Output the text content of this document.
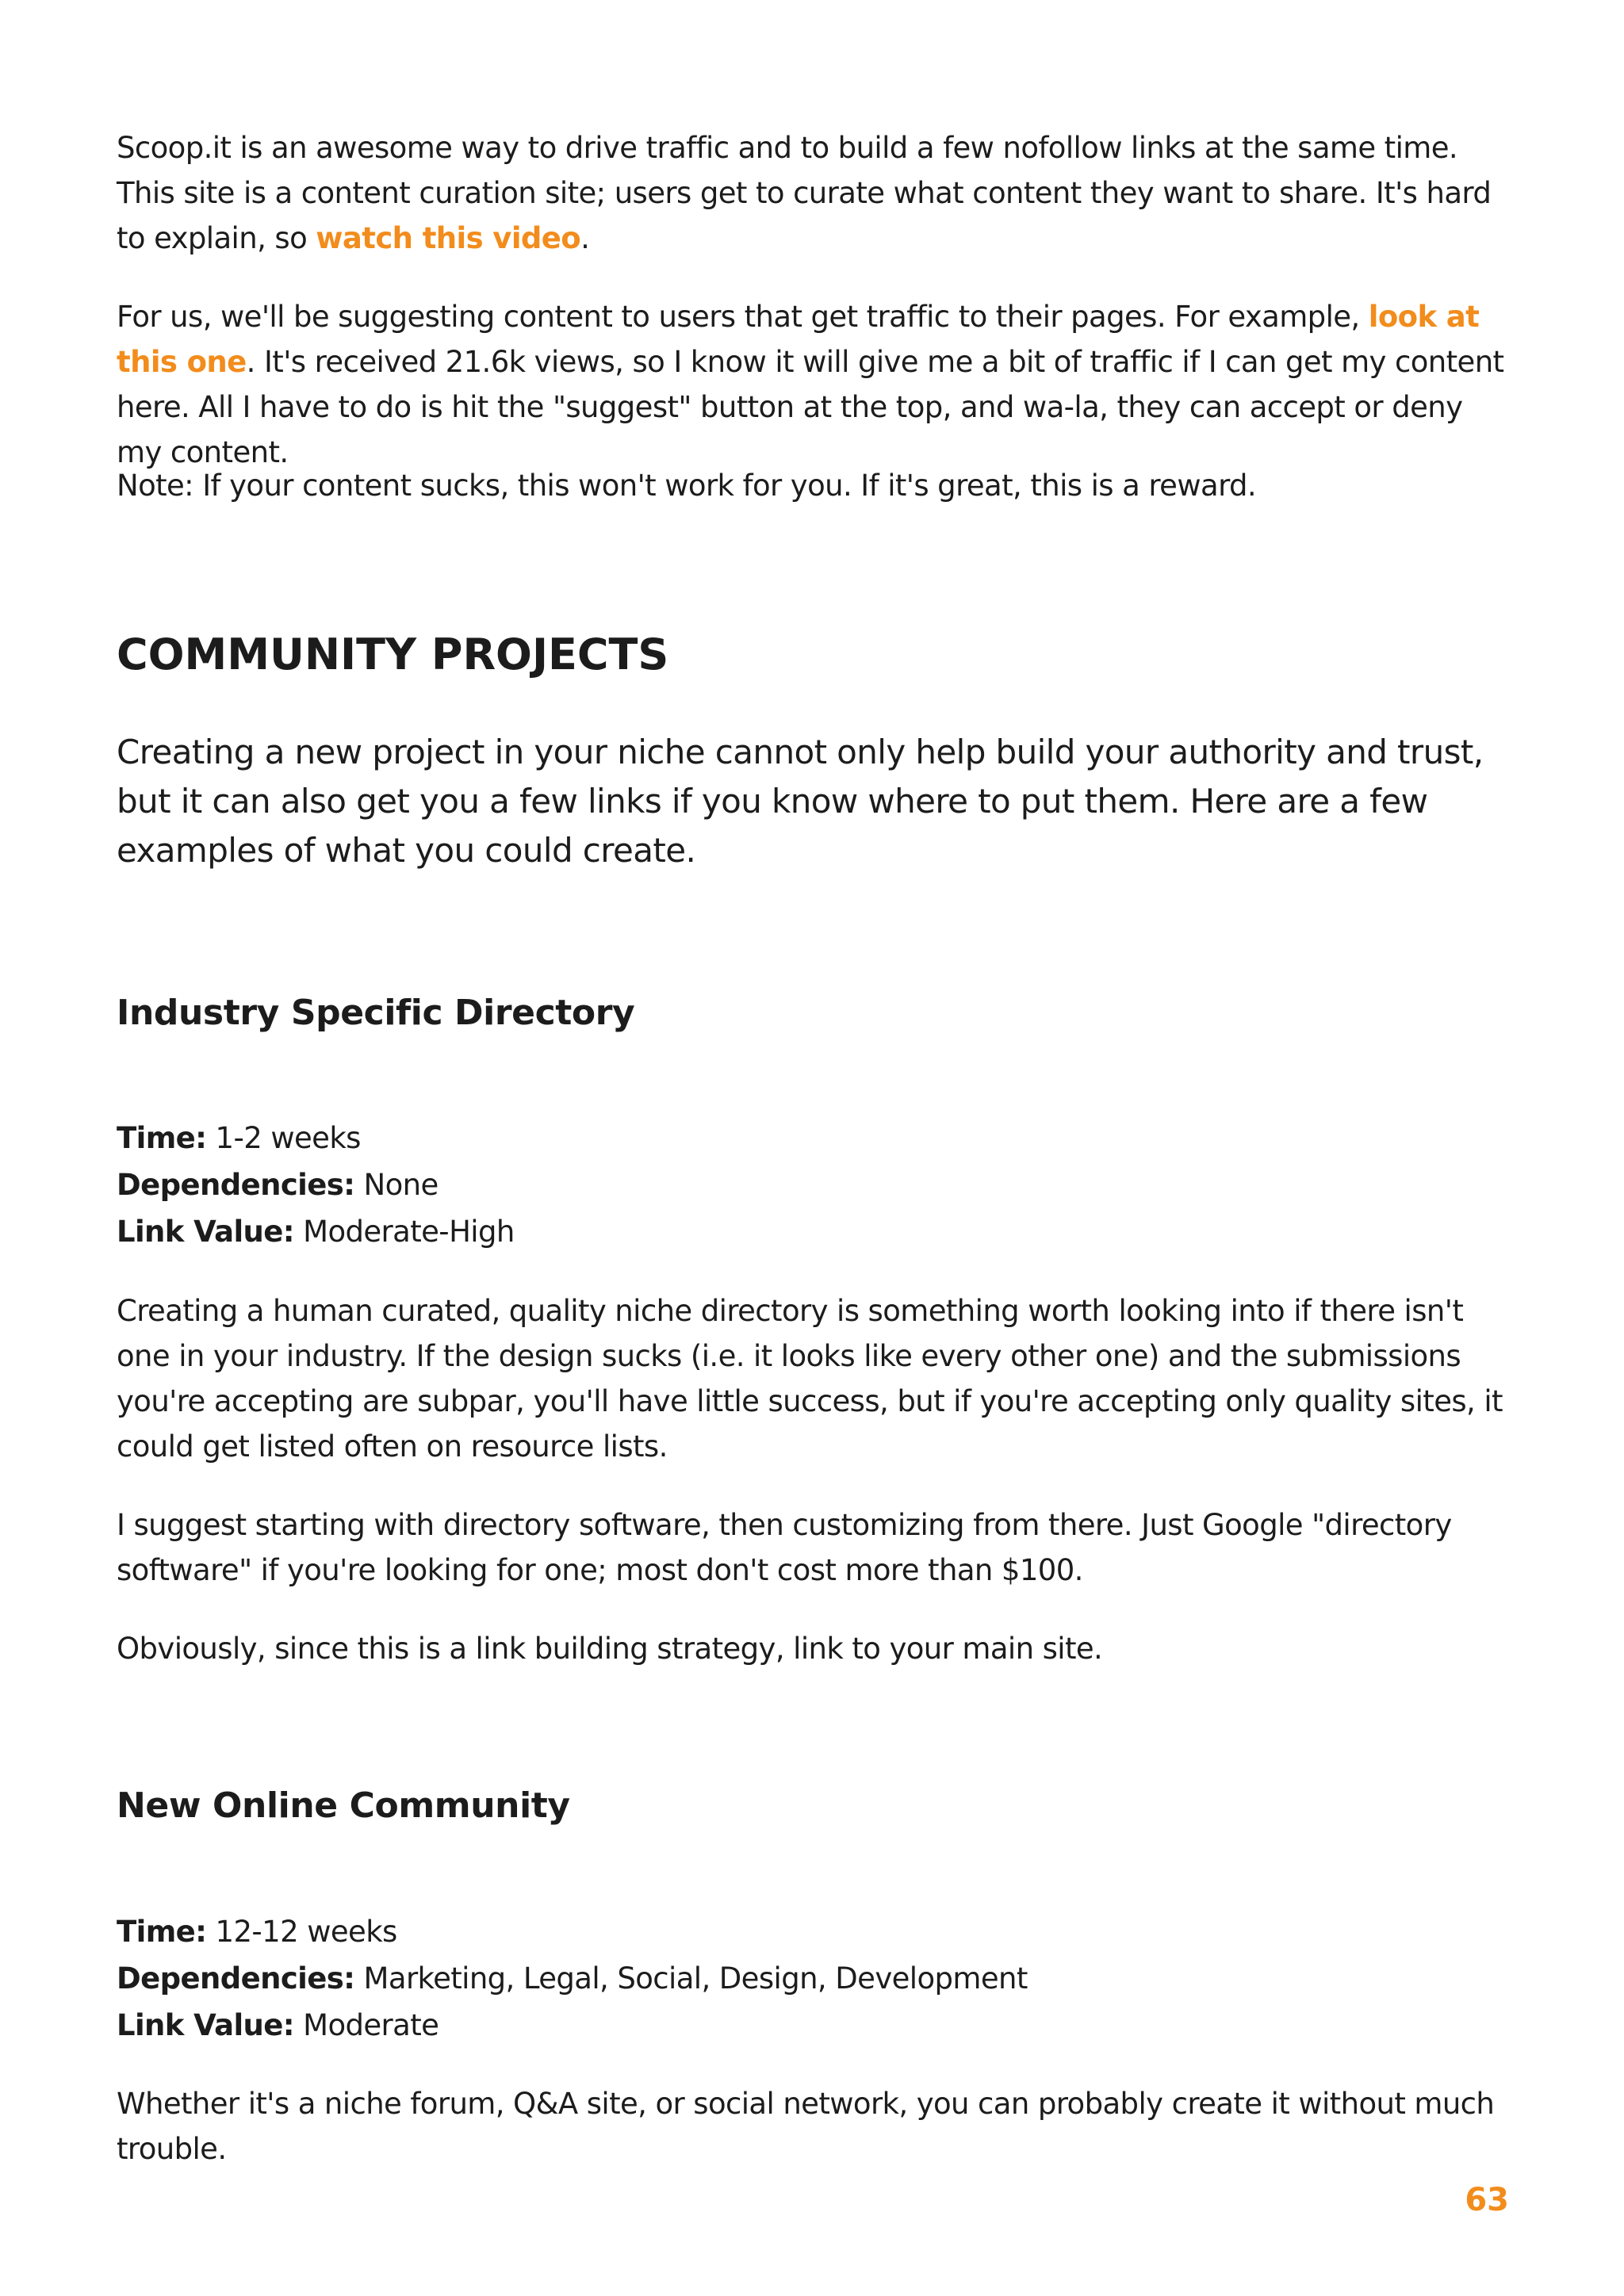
Scoop.it is an awesome way to drive traffic and to build a few nofollow links at the same time. This site is a content curation site; users get to curate what content they want to share. It's hard to explain, so watch this video.

For us, we'll be suggesting content to users that get traffic to their pages. For example, look at this one. It's received 21.6k views, so I know it will give me a bit of traffic if I can get my content here. All I have to do is hit the "suggest" button at the top, and wa-la, they can accept or deny my content.

Note: If your content sucks, this won't work for you. If it's great, this is a reward.

COMMUNITY PROJECTS

Creating a new project in your niche cannot only help build your authority and trust, but it can also get you a few links if you know where to put them. Here are a few examples of what you could create.

Industry Specific Directory
Time: 1-2 weeks
Dependencies: None
Link Value: Moderate-High

Creating a human curated, quality niche directory is something worth looking into if there isn't one in your industry. If the design sucks (i.e. it looks like every other one) and the submissions you're accepting are subpar, you'll have little success, but if you're accepting only quality sites, it could get listed often on resource lists.

I suggest starting with directory software, then customizing from there. Just Google "directory software" if you're looking for one; most don't cost more than $100.

Obviously, since this is a link building strategy, link to your main site.

New Online Community
Time: 12-12 weeks
Dependencies: Marketing, Legal, Social, Design, Development
Link Value: Moderate

Whether it's a niche forum, Q&A site, or social network, you can probably create it without much trouble.

63
